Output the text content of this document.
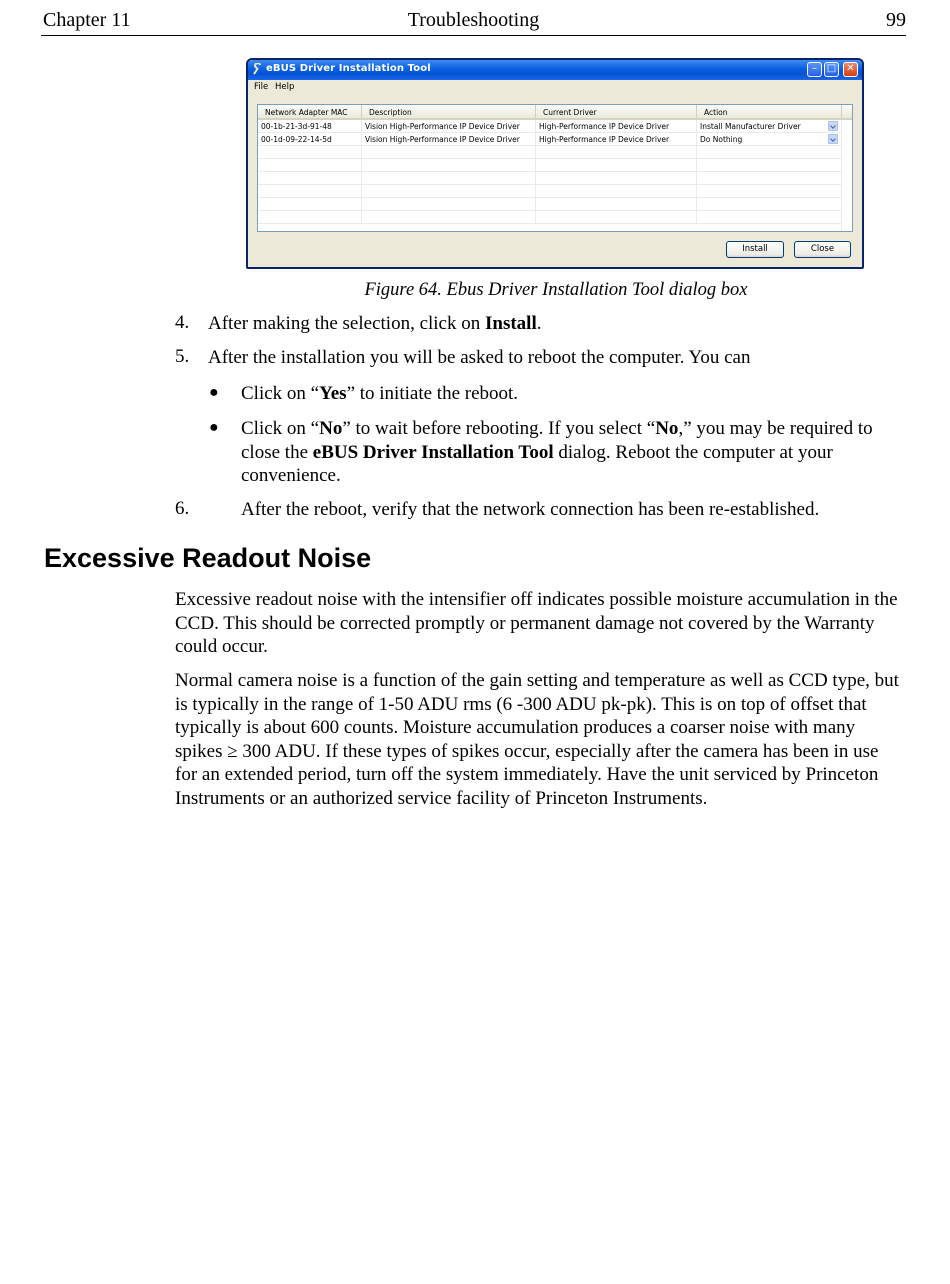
Chapter 11	Troubleshooting	99
eBUS Driver Installation Tool	– □	✕
File Help
Network Adapter MAC	Description	Current Driver	Action
00-1b-21-3d-91-48	Vision High-Performance IP Device Driver	High-Performance IP Device Driver	Install Manufacturer Driver
00-1d-09-22-14-5d	Vision High-Performance IP Device Driver	High-Performance IP Device Driver	Do Nothing
Install	Close
Figure 64. Ebus Driver Installation Tool dialog box
4. After making the selection, click on Install.
5. After the installation you will be asked to reboot the computer. You can
● Click on “Yes” to initiate the reboot.
● Click on “No” to wait before rebooting. If you select “No,” you may be required to close the eBUS Driver Installation Tool dialog. Reboot the computer at your convenience.
6.	After the reboot, verify that the network connection has been re-established.
Excessive Readout Noise
Excessive readout noise with the intensifier off indicates possible moisture accumulation in the CCD. This should be corrected promptly or permanent damage not covered by the Warranty could occur.
Normal camera noise is a function of the gain setting and temperature as well as CCD type, but is typically in the range of 1-50 ADU rms (6 -300 ADU pk-pk). This is on top of offset that typically is about 600 counts. Moisture accumulation produces a coarser noise with many spikes ≥ 300 ADU. If these types of spikes occur, especially after the camera has been in use for an extended period, turn off the system immediately. Have the unit serviced by Princeton Instruments or an authorized service facility of Princeton Instruments.
